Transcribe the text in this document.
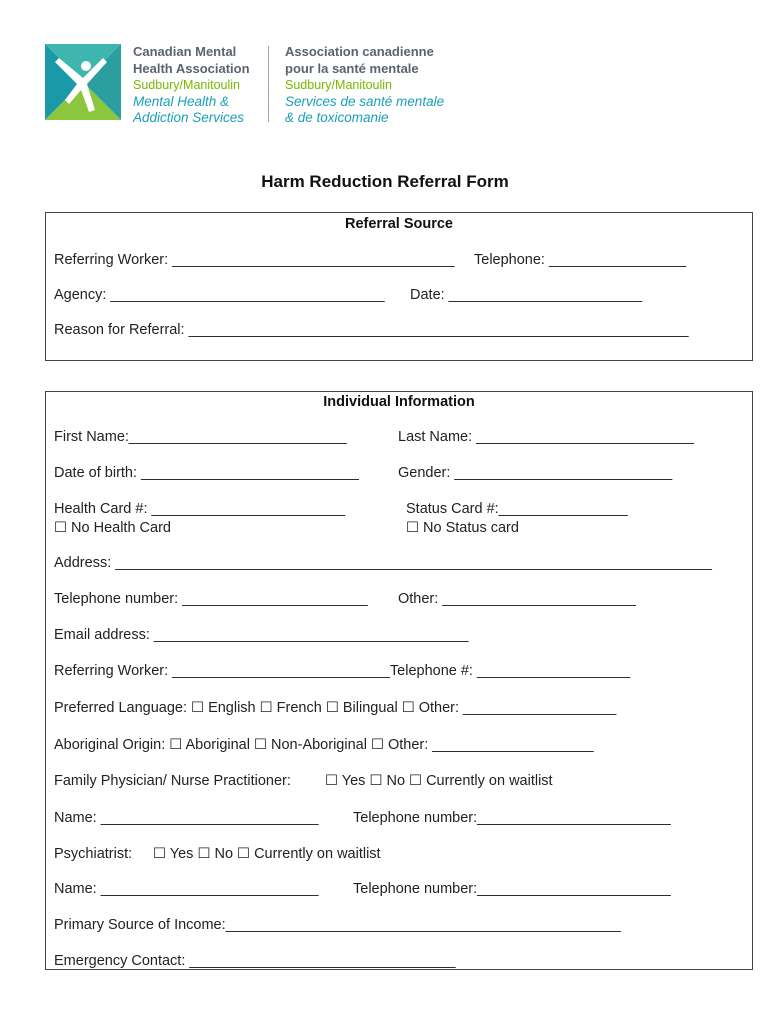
Canadian Mental
Health Association
Sudbury/Manitoulin
Mental Health &
Addiction Services
Association canadienne
pour la santé mentale
Sudbury/Manitoulin
Services de santé mentale
& de toxicomanie
Harm Reduction Referral Form
Referral Source
Referring Worker: ___________________________________ Telephone: _________________
Agency: __________________________________ Date: ________________________
Reason for Referral: ______________________________________________________________
Individual Information
First Name:___________________________	Last Name: ___________________________
Date of birth: ___________________________	Gender: ___________________________
Health Card #: ________________________
☐ No Health Card
Status Card #:________________
☐ No Status card
Address: __________________________________________________________________________
Telephone number: _______________________ Other: ________________________
Email address: _______________________________________
Referring Worker: ___________________________Telephone #: ___________________
Preferred Language: ☐ English ☐ French ☐ Bilingual ☐ Other: ___________________
Aboriginal Origin: ☐ Aboriginal ☐ Non-Aboriginal ☐ Other: ____________________
Family Physician/ Nurse Practitioner: ☐ Yes ☐ No ☐ Currently on waitlist
Name: ___________________________ Telephone number:________________________
Psychiatrist: ☐ Yes ☐ No ☐ Currently on waitlist
Name: ___________________________ Telephone number:________________________
Primary Source of Income:_________________________________________________
Emergency Contact: _________________________________
